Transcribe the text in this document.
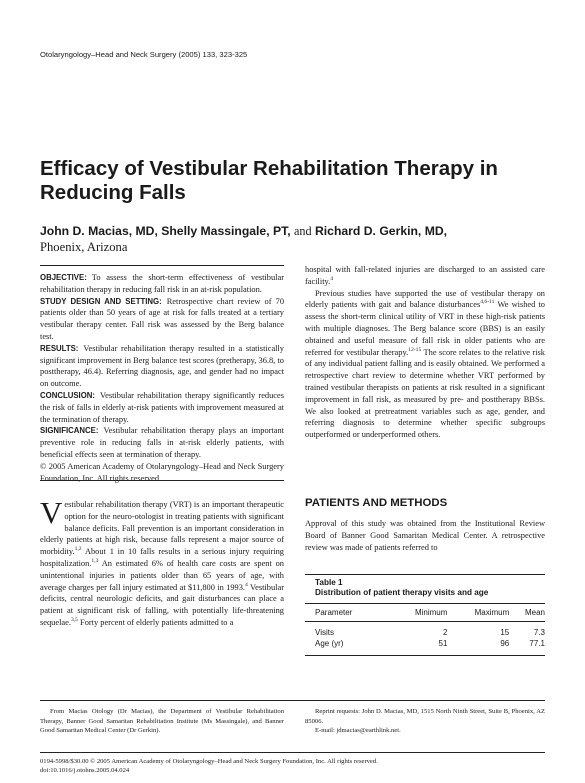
Otolaryngology–Head and Neck Surgery (2005) 133, 323-325
Efficacy of Vestibular Rehabilitation Therapy in Reducing Falls
John D. Macias, MD, Shelly Massingale, PT, and Richard D. Gerkin, MD,
Phoenix, Arizona

OBJECTIVE: To assess the short-term effectiveness of vestibular rehabilitation therapy in reducing fall risk in an at-risk population.

STUDY DESIGN AND SETTING: Retrospective chart review of 70 patients older than 50 years of age at risk for falls treated at a tertiary vestibular therapy center. Fall risk was assessed by the Berg balance test.

RESULTS: Vestibular rehabilitation therapy resulted in a statistically significant improvement in Berg balance test scores (pretherapy, 36.8, to posttherapy, 46.4). Referring diagnosis, age, and gender had no impact on outcome.

CONCLUSION: Vestibular rehabilitation therapy significantly reduces the risk of falls in elderly at-risk patients with improvement measured at the termination of therapy.

SIGNIFICANCE: Vestibular rehabilitation therapy plays an important preventive role in reducing falls in at-risk elderly patients, with beneficial effects seen at termination of therapy.

© 2005 American Academy of Otolaryngology–Head and Neck Surgery Foundation, Inc. All rights reserved.

Vestibular rehabilitation therapy (VRT) is an important therapeutic option for the neuro-otologist in treating patients with significant balance deficits. Fall prevention is an important consideration in elderly patients at high risk, because falls represent a major source of morbidity.$^{1,2}$ About 1 in 10 falls results in a serious injury requiring hospitalization.$^{1,3}$ An estimated 6% of health care costs are spent on unintentional injuries in patients older than 65 years of age, with average charges per fall injury estimated at $11,800 in 1993.$^4$ Vestibular deficits, central neurologic deficits, and gait disturbances can place a patient at significant risk of falling, with potentially life-threatening sequelae.$^{3,5}$ Forty percent of elderly patients admitted to a

hospital with fall-related injuries are discharged to an assisted care facility.$^4$

Previous studies have supported the use of vestibular therapy on elderly patients with gait and balance disturbances$^{4,6-11}$ We wished to assess the short-term clinical utility of VRT in these high-risk patients with multiple diagnoses. The Berg balance score (BBS) is an easily obtained and useful measure of fall risk in older patients who are referred for vestibular therapy.$^{12-15}$ The score relates to the relative risk of any individual patient falling and is easily obtained. We performed a retrospective chart review to determine whether VRT performed by trained vestibular therapists on patients at risk resulted in a significant improvement in fall risk, as measured by pre- and posttherapy BBSs. We also looked at pretreatment variables such as age, gender, and referring diagnosis to determine whether specific subgroups outperformed or underperformed others.

PATIENTS AND METHODS

Approval of this study was obtained from the Institutional Review Board of Banner Good Samaritan Medical Center. A retrospective review was made of patients referred to

Table 1
Distribution of patient therapy visits and age
Parameter	Minimum	Maximum	Mean
Visits	2	15	7.3
Age (yr)	51	96	77.1

From Macias Otology (Dr Macias), the Department of Vestibular Rehabilitation Therapy, Banner Good Samaritan Rehabilitation Institute (Ms Massingale), and Banner Good Samaritan Medical Center (Dr Gerkin).

Reprint requests: John D. Macias, MD, 1515 North Ninth Street, Suite B, Phoenix, AZ 85006.

E-mail: jdmacias@earthlink.net.

0194-5998/$30.00 © 2005 American Academy of Otolaryngology–Head and Neck Surgery Foundation, Inc. All rights reserved.
doi:10.1016/j.otohns.2005.04.024
